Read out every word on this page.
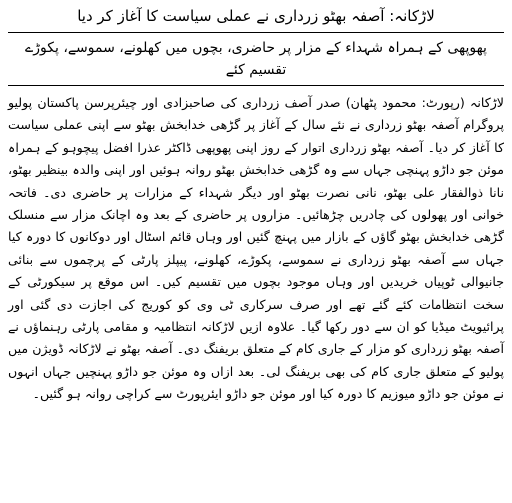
لاڑکانہ: آصفہ بھٹو زرداری نے عملی سیاست کا آغاز کر دیا
پھوپھی کے ہمراہ شہداء کے مزار پر حاضری، بچوں میں کھلونے، سموسے، پکوڑے تقسیم کئے

لاڑکانہ (رپورٹ: محمود پٹھان) صدر آصف زرداری کی صاحبزادی اور چیئرپرسن پاکستان پولیو پروگرام آصفہ بھٹو زرداری نے نئے سال کے آغاز پر گڑھی خدابخش بھٹو سے اپنی عملی سیاست کا آغاز کر دیا۔ آصفہ بھٹو زرداری اتوار کے روز اپنی پھوپھی ڈاکٹر عذرا افضل پیچوہو کے ہمراہ موئن جو داڑو پہنچی جہاں سے وہ گڑھی خدابخش بھٹو روانہ ہوئیں اور اپنی والدہ بینظیر بھٹو، نانا ذوالفقار علی بھٹو، نانی نصرت بھٹو اور دیگر شہداء کے مزارات پر حاضری دی۔ فاتحہ خوانی اور پھولوں کی چادریں چڑھائیں۔ مزاروں پر حاضری کے بعد وہ اچانک مزار سے منسلک گڑھی خدابخش بھٹو گاؤں کے بازار میں پہنچ گئیں اور وہاں قائم اسٹال اور دوکانوں کا دورہ کیا جہاں سے آصفہ بھٹو زرداری نے سموسے، پکوڑے، کھلونے، پیپلز پارٹی کے پرچموں سے بنائی جانیوالی ٹوپیاں خریدیں اور وہاں موجود بچوں میں تقسیم کیں۔ اس موقع پر سیکورٹی کے سخت انتظامات کئے گئے تھے اور صرف سرکاری ٹی وی کو کوریج کی اجازت دی گئی اور پرائیویٹ میڈیا کو ان سے دور رکھا گیا۔ علاوہ ازیں لاڑکانہ انتظامیہ و مقامی پارٹی رہنماؤں نے آصفہ بھٹو زرداری کو مزار کے جاری کام کے متعلق بریفنگ دی۔ آصفہ بھٹو نے لاڑکانہ ڈویژن میں پولیو کے متعلق جاری کام کی بھی بریفنگ لی۔ بعد ازاں وہ موئن جو داڑو پہنچیں جہاں انہوں نے موئن جو داڑو میوزیم کا دورہ کیا اور موئن جو داڑو ایئرپورٹ سے کراچی روانہ ہو گئیں۔
